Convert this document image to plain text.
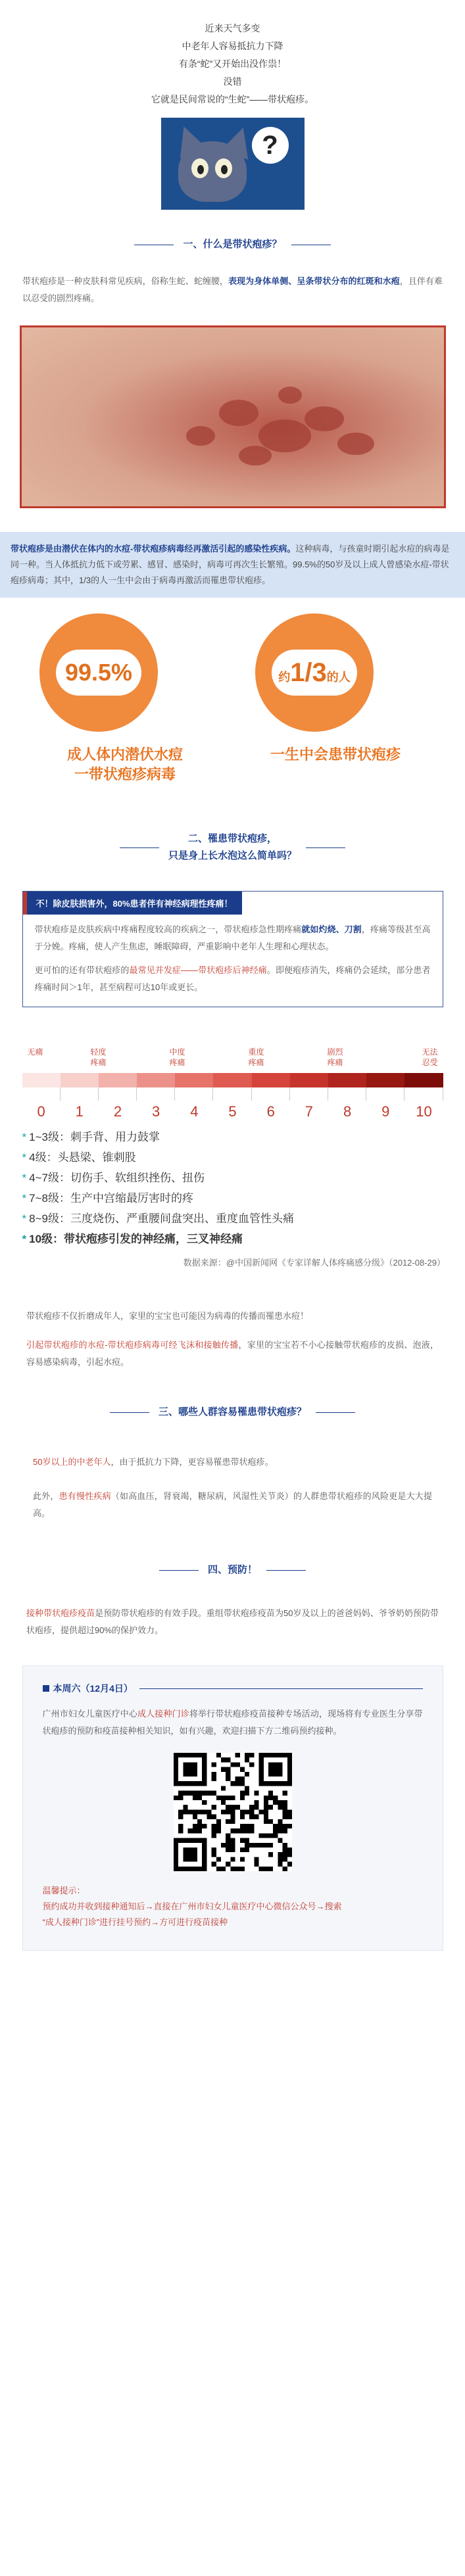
近来天气多变
中老年人容易抵抗力下降
有条“蛇”又开始出没作祟！
没错
它就是民间常说的“生蛇”——带状疱疹。
?
一、什么是带状疱疹？

带状疱疹是一种皮肤科常见疾病，俗称生蛇、蛇缠腰，表现为身体单侧、呈条带状分布的红斑和水疱，且伴有难以忍受的剧烈疼痛。

带状疱疹是由潜伏在体内的水痘-带状疱疹病毒经再激活引起的感染性疾病。这种病毒，与孩童时期引起水痘的病毒是同一种。当人体抵抗力低下或劳累、感冒、感染时，病毒可再次生长繁殖。99.5%的50岁及以上成人曾感染水痘-带状疱疹病毒；其中，1/3的人一生中会由于病毒再激活而罹患带状疱疹。
99.5%	约1/3的人
成人体内潜伏水痘
一带状疱疹病毒
一生中会患带状疱疹
二、罹患带状疱疹，
只是身上长水泡这么简单吗？
不！除皮肤损害外，80%患者伴有神经病理性疼痛！

带状疱疹是皮肤疾病中疼痛程度较高的疾病之一，带状疱疹急性期疼痛就如灼烧、刀割，疼痛等级甚至高于分娩。疼痛，使人产生焦虑，睡眠障碍，严重影响中老年人生理和心理状态。

更可怕的还有带状疱疹的最常见并发症——带状疱疹后神经痛。即便疱疹消失，疼痛仍会延续，部分患者疼痛时间＞1年，甚至病程可达10年或更长。

无痛	轻度
疼痛
中度
疼痛
重度
疼痛
剧烈
疼痛
无法
忍受
0	1	2	3	4	5	6	7	8	9	10
* 1~3级：刺手背、用力鼓掌
* 4级：头悬梁、锥刺股
* 4~7级：切伤手、软组织挫伤、扭伤
* 7~8级：生产中宫缩最厉害时的疼
* 8~9级：三度烧伤、严重腰间盘突出、重度血管性头痛
* 10级：带状疱疹引发的神经痛，三叉神经痛
数据来源：@中国新闻网《专家详解人体疼痛感分级》（2012-08-29）

带状疱疹不仅折磨成年人，家里的宝宝也可能因为病毒的传播而罹患水痘！

引起带状疱疹的水痘-带状疱疹病毒可经飞沫和接触传播，家里的宝宝若不小心接触带状疱疹的皮损、泡液，容易感染病毒，引起水痘。

三、哪些人群容易罹患带状疱疹？

50岁以上的中老年人，由于抵抗力下降，更容易罹患带状疱疹。

此外，患有慢性疾病（如高血压，肾衰竭，糖尿病，风湿性关节炎）的人群患带状疱疹的风险更是大大提高。

四、预防！

接种带状疱疹疫苗是预防带状疱疹的有效手段。重组带状疱疹疫苗为50岁及以上的爸爸妈妈、爷爷奶奶预防带状疱疹，提供超过90%的保护效力。

本周六（12月4日）

广州市妇女儿童医疗中心成人接种门诊将举行带状疱疹疫苗接种专场活动，现场将有专业医生分享带状疱疹的预防和疫苗接种相关知识，如有兴趣，欢迎扫描下方二维码预约接种。

温馨提示：
预约成功并收到接种通知后→直接在广州市妇女儿童医疗中心微信公众号→搜索
“成人接种门诊”进行挂号预约→方可进行疫苗接种
